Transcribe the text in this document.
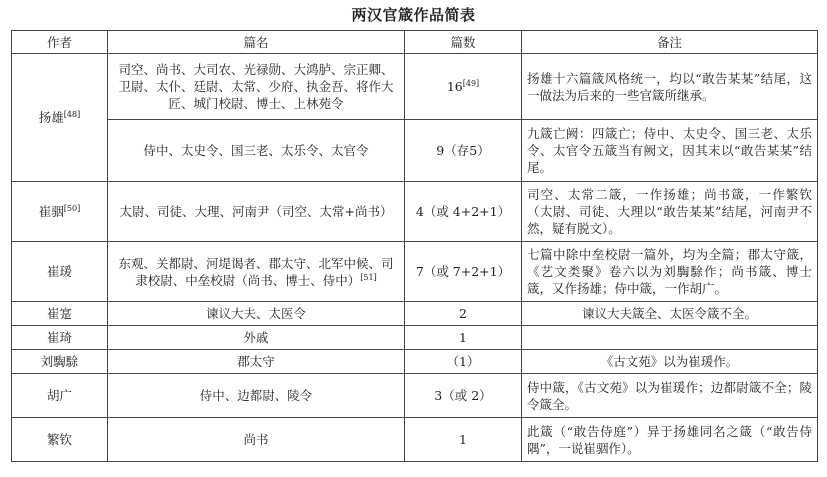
两汉官箴作品简表
作者	篇名	篇数	备注
扬雄[48]	司空、尚书、大司农、光禄勋、大鸿胪、宗正卿、卫尉、太仆、廷尉、太常、少府、执金吾、将作大匠、城门校尉、博士、上林苑令	16[49]	扬雄十六篇箴风格统一，均以“敢告某某”结尾，这一做法为后来的一些官箴所继承。
	侍中、太史令、国三老、太乐令、太官令	9（存5）	九箴亡阙：四箴亡；侍中、太史令、国三老、太乐令、太官令五箴当有阙文，因其末以“敢告某某”结尾。
崔骃[50]	太尉、司徒、大理、河南尹（司空、太常+尚书）	4（或 4+2+1）	司空、太常二箴，一作扬雄；尚书箴，一作繁钦（太尉、司徒、大理以“敢告某某”结尾，河南尹不然，疑有脱文）。
崔瑗	东观、关都尉、河堤谒者、郡太守、北军中候、司隶校尉、中垒校尉（尚书、博士、侍中）[51]	7（或 7+2+1）	七篇中除中垒校尉一篇外，均为全篇；郡太守箴，《艺文类聚》卷六以为刘騊駼作；尚书箴、博士箴，又作扬雄；侍中箴，一作胡广。
崔寔	谏议大夫、太医令	2	谏议大夫箴全、太医令箴不全。
崔琦	外戚	1	
刘騊駼	郡太守	（1）	《古文苑》以为崔瑗作。
胡广	侍中、边都尉、陵令	3（或 2）	侍中箴，《古文苑》以为崔瑗作；边都尉箴不全；陵令箴全。
繁钦	尚书	1	此箴（“敢告侍庭”）异于扬雄同名之箴（“敢告侍隅”，一说崔骃作）。
